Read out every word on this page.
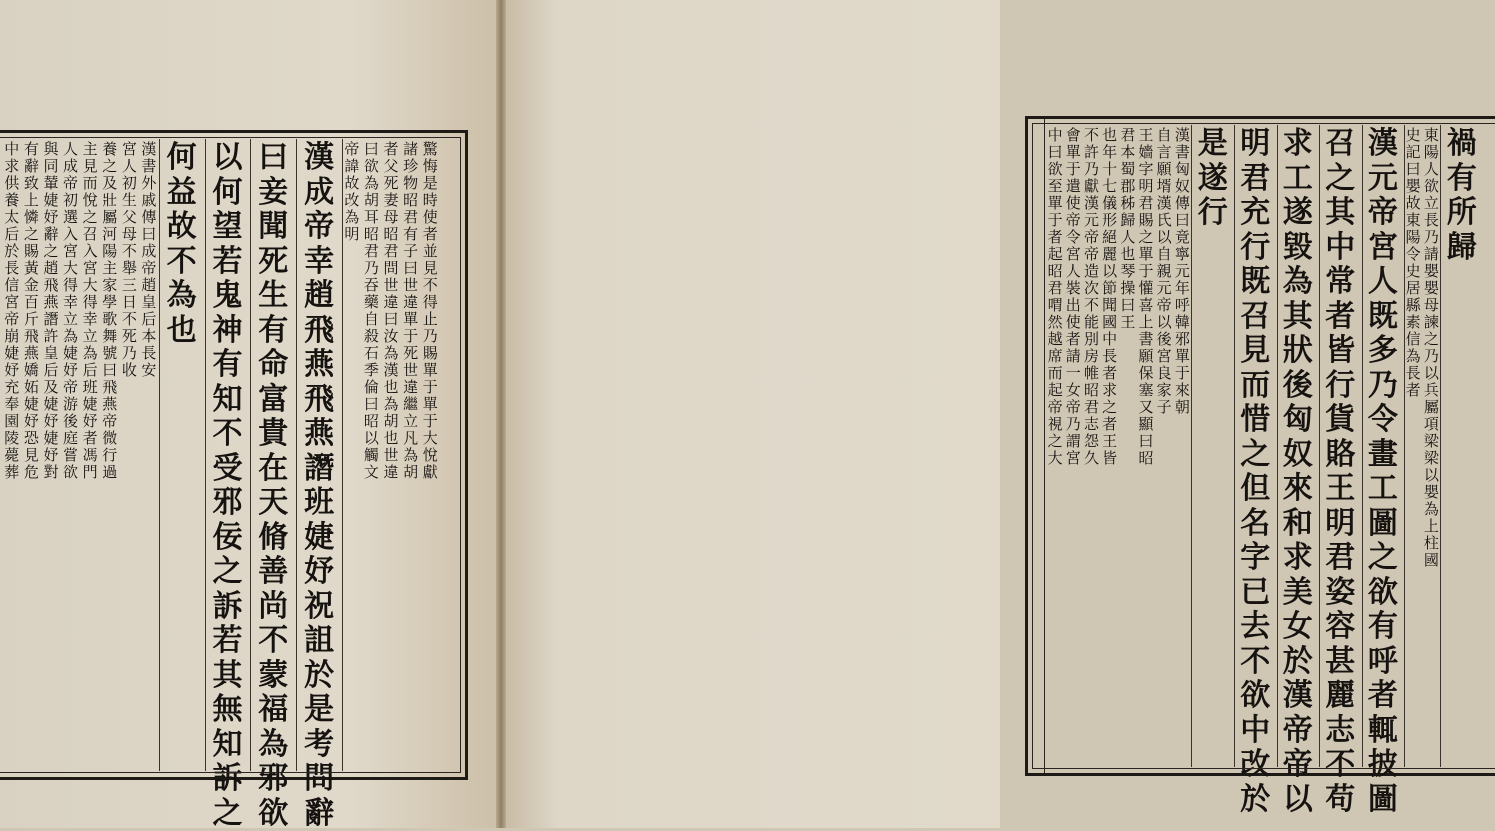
驚
悔
是
時
使
者
並
見
不
得
止
乃
賜
單
于
單
于
大
悅
獻
諸
珍
物
昭
君
有
子
曰
世
違
單
于
死
世
違
繼
立
凡
為
胡
者
父
死
妻
母
昭
君
問
世
違
曰
汝
為
漢
也
為
胡
也
世
違
曰
欲
為
胡
耳
昭
君
乃
吞
藥
自
殺
石
季
倫
曰
昭
以
觸
文
帝
諱
故
改
為
明
漢
成
帝
幸
趙
飛
燕
飛
燕
譖
班
婕
妤
祝
詛
於
是
考
問
辭
曰
妾
聞
死
生
有
命
富
貴
在
天
脩
善
尚
不
蒙
福
為
邪
欲
以
何
望
若
鬼
神
有
知
不
受
邪
佞
之
訴
若
其
無
知
訴
之
何
益
故
不
為
也
漢
書
外
戚
傳
曰
成
帝
趙
皇
后
本
長
安
宮
人
初
生
父
母
不
舉
三
日
不
死
乃
收
養
之
及
壯
屬
河
陽
主
家
學
歌
舞
號
曰
飛
燕
帝
微
行
過
主
見
而
悅
之
召
入
宮
大
得
幸
立
為
后
班
婕
妤
者
馮
門
人
成
帝
初
選
入
宮
大
得
幸
立
為
婕
妤
帝
游
後
庭
嘗
欲
與
同
輦
婕
妤
辭
之
趙
飛
燕
譖
許
皇
后
及
婕
妤
婕
妤
對
有
辭
致
上
憐
之
賜
黃
金
百
斤
飛
燕
嬌
妬
婕
妤
恐
見
危
中
求
供
養
太
后
於
長
信
宮
帝
崩
婕
妤
充
奉
園
陵
薨
葬
禍
有
所
歸
東
陽
人
欲
立
長
乃
請
嬰
嬰
母
諫
之
乃
以
兵
屬
項
梁
梁
以
嬰
為
上
柱
國
史
記
曰
嬰
故
東
陽
令
史
居
縣
素
信
為
長
者
漢
元
帝
宮
人
既
多
乃
令
畫
工
圖
之
欲
有
呼
者
輒
披
圖
召
之
其
中
常
者
皆
行
貨
賂
王
明
君
姿
容
甚
麗
志
不
苟
求
工
遂
毀
為
其
狀
後
匈
奴
來
和
求
美
女
於
漢
帝
帝
以
明
君
充
行
既
召
見
而
惜
之
但
名
字
已
去
不
欲
中
改
於
是
遂
行
漢
書
匈
奴
傳
曰
竟
寧
元
年
呼
韓
邪
單
于
來
朝
自
言
願
壻
漢
氏
以
自
親
元
帝
以
後
宮
良
家
子
王
嬙
字
明
君
賜
之
單
于
懽
喜
上
書
願
保
塞
又
顯
曰
昭
君
本
蜀
郡
秭
歸
人
也
琴
操
曰
王
也
年
十
七
儀
形
絕
麗
以
節
聞
國
中
長
者
求
之
者
王
皆
不
許
乃
獻
漢
元
帝
帝
造
次
不
能
別
房
帷
昭
君
志
怨
久
會
單
于
遣
使
帝
令
宮
人
裝
出
使
者
請
一
女
帝
乃
謂
宮
中
曰
欲
至
單
于
者
起
昭
君
喟
然
越
席
而
起
帝
視
之
大
